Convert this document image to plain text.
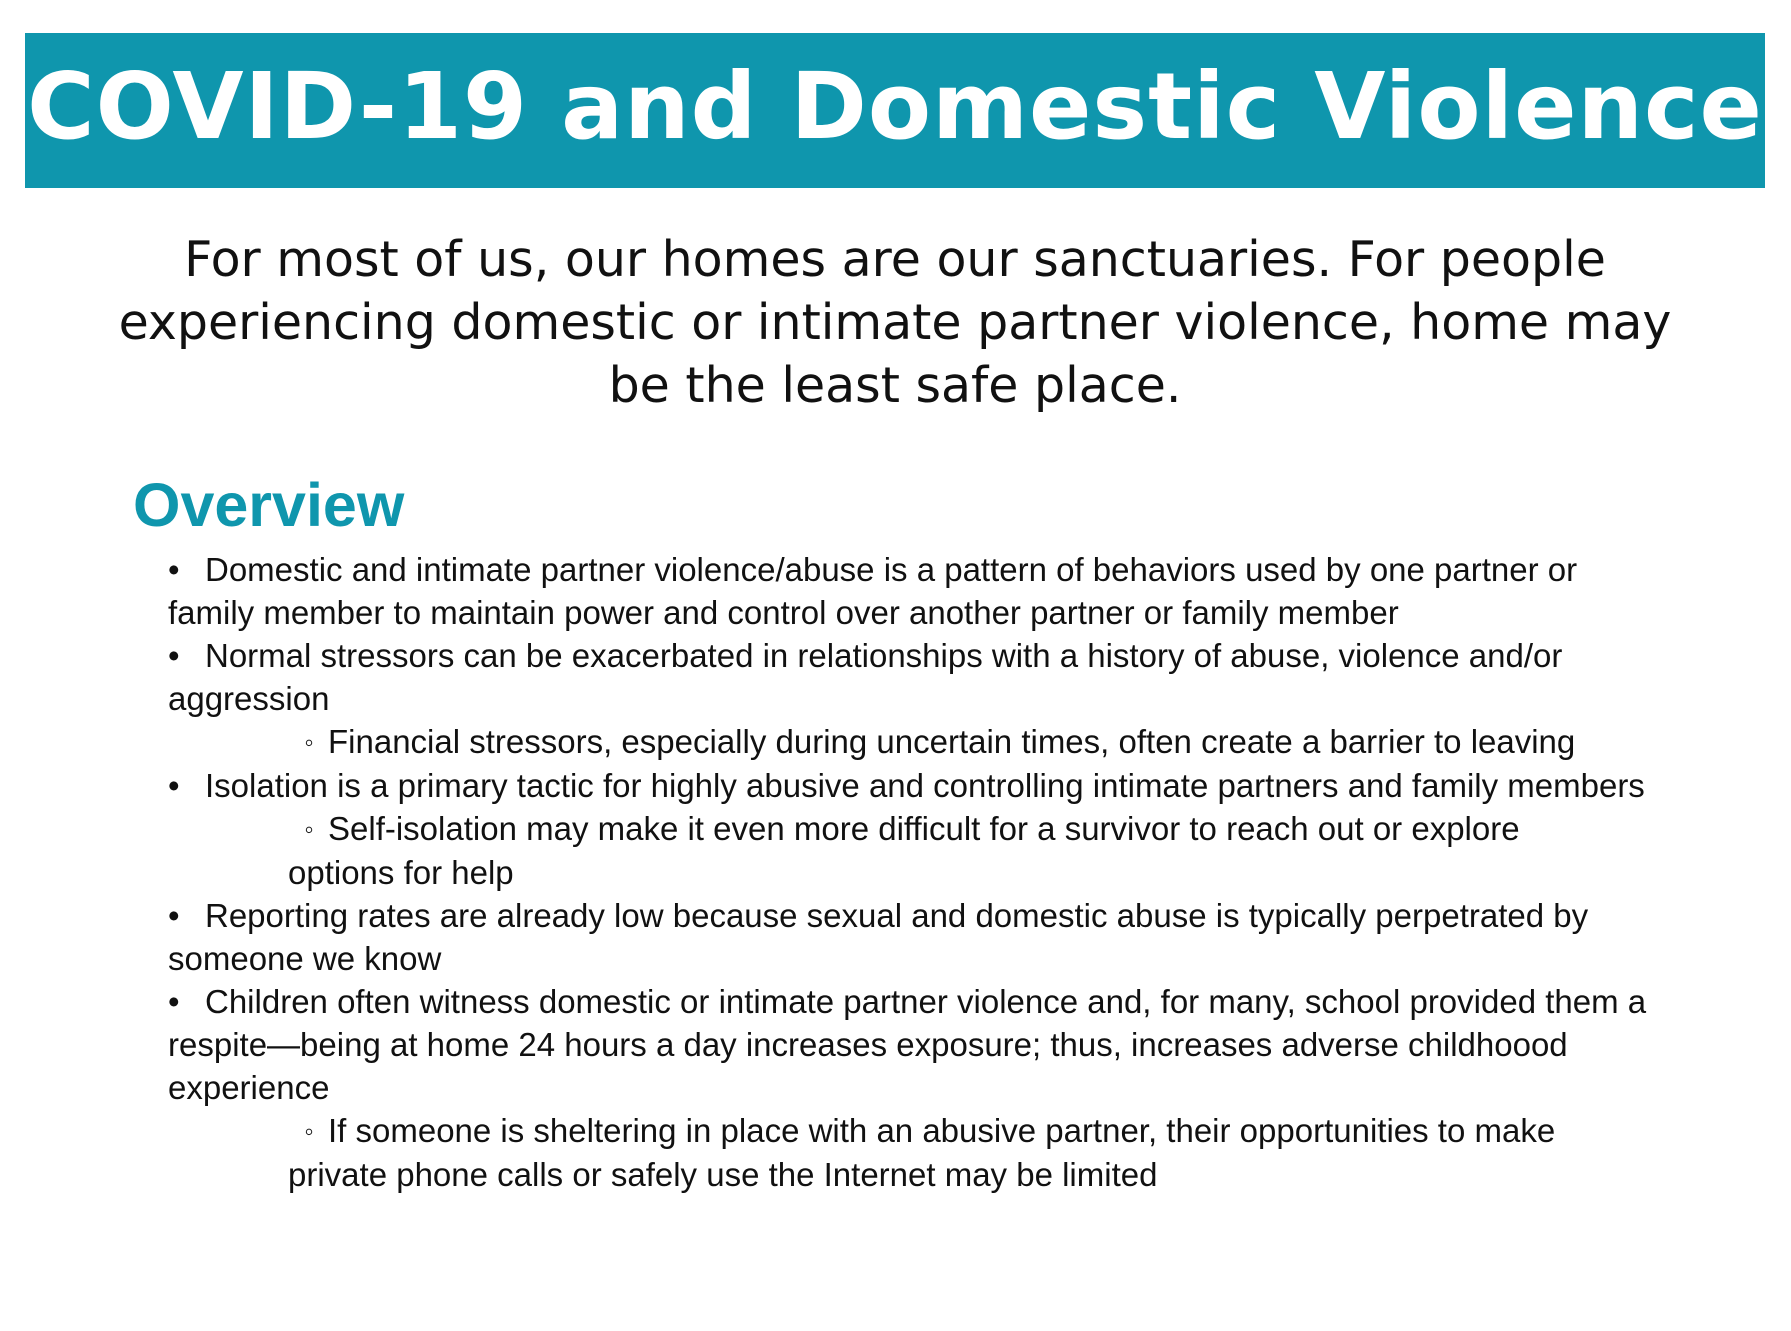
COVID-19 and Domestic Violence
For most of us, our homes are our sanctuaries. For people experiencing domestic or intimate partner violence, home may be the least safe place.
Overview
• Domestic and intimate partner violence/abuse is a pattern of behaviors used by one partner or family member to maintain power and control over another partner or family member
• Normal stressors can be exacerbated in relationships with a history of abuse, violence and/or aggression
◦ Financial stressors, especially during uncertain times, often create a barrier to leaving
• Isolation is a primary tactic for highly abusive and controlling intimate partners and family members
◦ Self-isolation may make it even more difficult for a survivor to reach out or explore options for help
• Reporting rates are already low because sexual and domestic abuse is typically perpetrated by someone we know
• Children often witness domestic or intimate partner violence and, for many, school provided them a respite—being at home 24 hours a day increases exposure; thus, increases adverse childhoood experience
◦ If someone is sheltering in place with an abusive partner, their opportunities to make private phone calls or safely use the Internet may be limited
